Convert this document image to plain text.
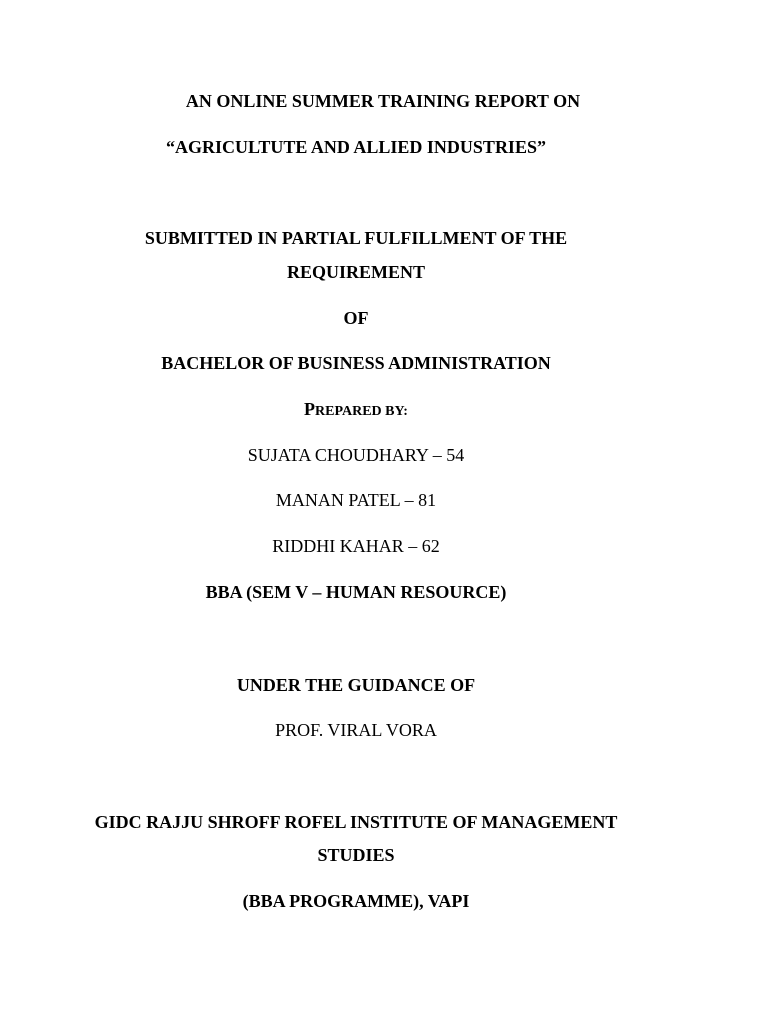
AN ONLINE SUMMER TRAINING REPORT ON
“AGRICULTUTE AND ALLIED INDUSTRIES”
SUBMITTED IN PARTIAL FULFILLMENT OF THE
REQUIREMENT
OF
BACHELOR OF BUSINESS ADMINISTRATION
PREPARED BY:
SUJATA CHOUDHARY – 54
MANAN PATEL – 81
RIDDHI KAHAR – 62
BBA (SEM V – HUMAN RESOURCE)
UNDER THE GUIDANCE OF
PROF. VIRAL VORA
GIDC RAJJU SHROFF ROFEL INSTITUTE OF MANAGEMENT
STUDIES
(BBA PROGRAMME), VAPI
